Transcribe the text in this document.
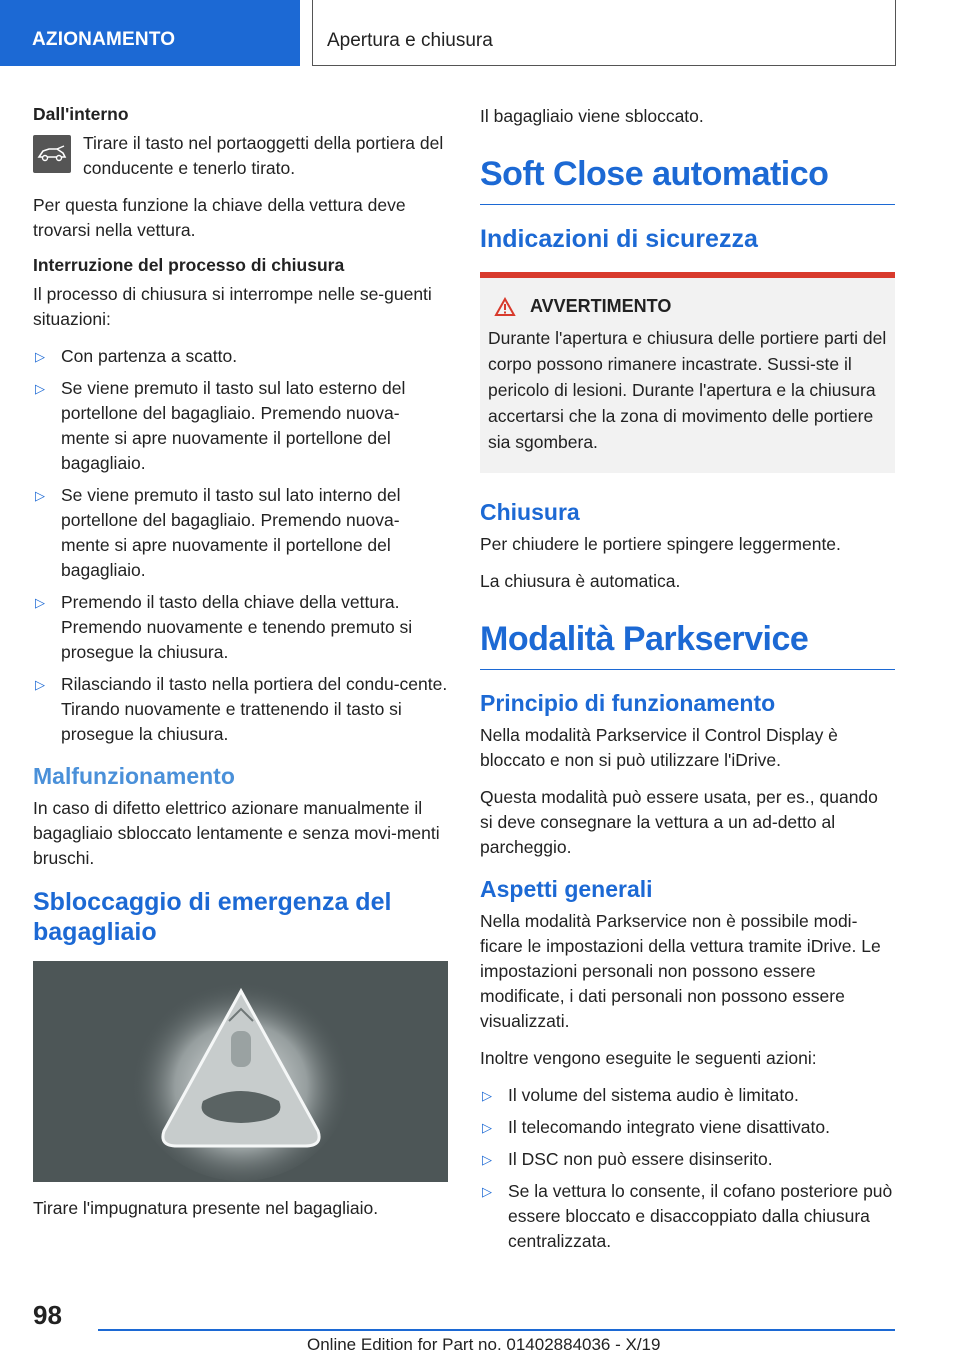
AZIONAMENTO	Apertura e chiusura
Dall'interno

Tirare il tasto nel portaoggetti della portiera del conducente e tenerlo tirato.

Per questa funzione la chiave della vettura deve trovarsi nella vettura.

Interruzione del processo di chiusura

Il processo di chiusura si interrompe nelle se-guenti situazioni:

▷ Con partenza a scatto.
▷ Se viene premuto il tasto sul lato esterno del portellone del bagagliaio. Premendo nuova-mente si apre nuovamente il portellone del bagagliaio.
▷ Se viene premuto il tasto sul lato interno del portellone del bagagliaio. Premendo nuova-mente si apre nuovamente il portellone del bagagliaio.
▷ Premendo il tasto della chiave della vettura. Premendo nuovamente e tenendo premuto si prosegue la chiusura.
▷ Rilasciando il tasto nella portiera del condu-cente. Tirando nuovamente e trattenendo il tasto si prosegue la chiusura.
Malfunzionamento

In caso di difetto elettrico azionare manualmente il bagagliaio sbloccato lentamente e senza movi-menti bruschi.

Sbloccaggio di emergenza del bagagliaio

Tirare l'impugnatura presente nel bagagliaio.

Il bagagliaio viene sbloccato.

Soft Close automatico
Indicazioni di sicurezza
AVVERTIMENTO

Durante l'apertura e chiusura delle portiere parti del corpo possono rimanere incastrate. Sussi-ste il pericolo di lesioni. Durante l'apertura e la chiusura accertarsi che la zona di movimento delle portiere sia sgombera.

Chiusura

Per chiudere le portiere spingere leggermente.

La chiusura è automatica.

Modalità Parkservice
Principio di funzionamento

Nella modalità Parkservice il Control Display è bloccato e non si può utilizzare l'iDrive.

Questa modalità può essere usata, per es., quando si deve consegnare la vettura a un ad-detto al parcheggio.

Aspetti generali

Nella modalità Parkservice non è possibile modi-ficare le impostazioni della vettura tramite iDrive. Le impostazioni personali non possono essere modificate, i dati personali non possono essere visualizzati.

Inoltre vengono eseguite le seguenti azioni:

▷ Il volume del sistema audio è limitato.
▷ Il telecomando integrato viene disattivato.
▷ Il DSC non può essere disinserito.
▷ Se la vettura lo consente, il cofano posteriore può essere bloccato e disaccoppiato dalla chiusura centralizzata.
98
Online Edition for Part no. 01402884036 - X/19
